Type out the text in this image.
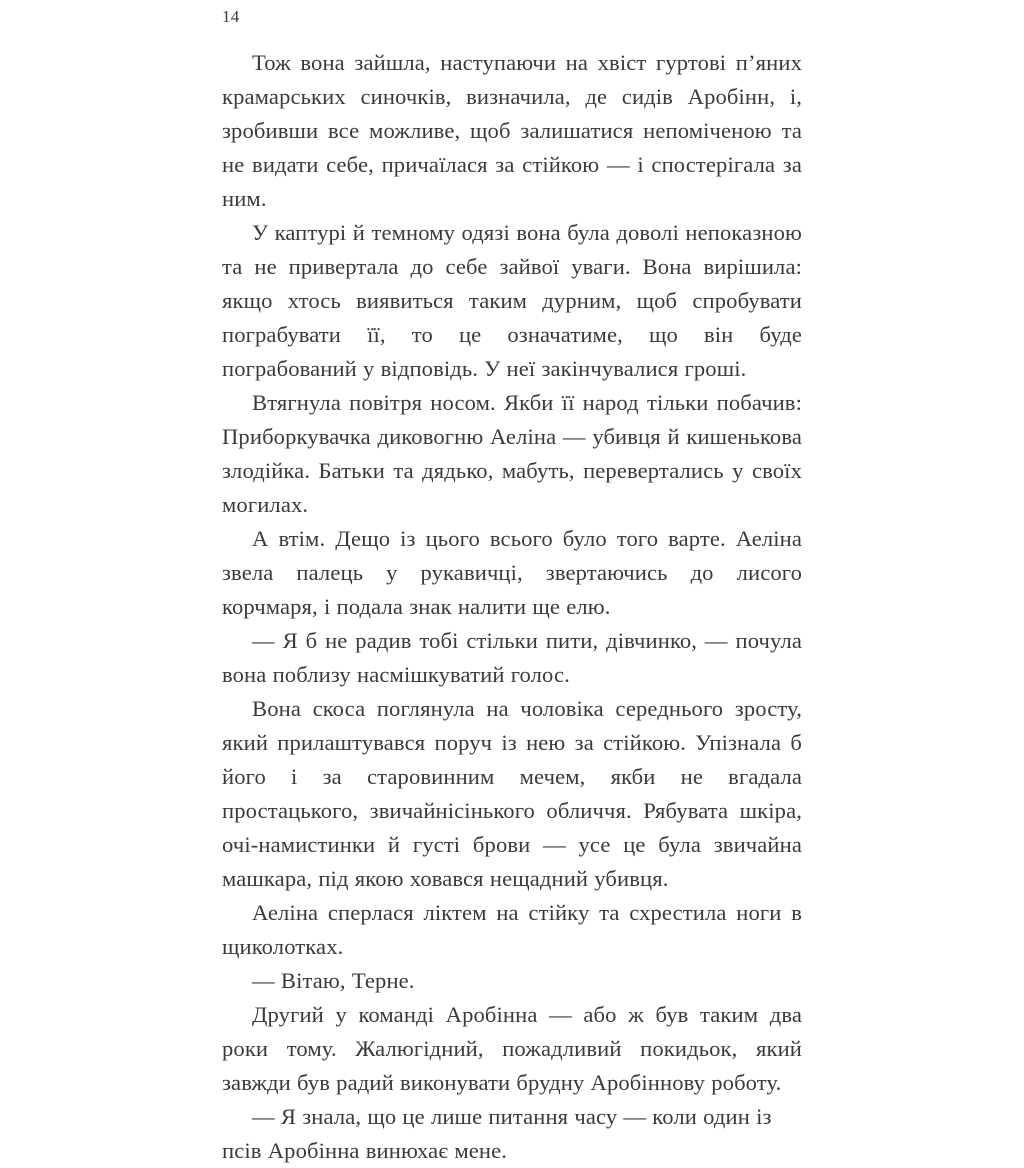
14

Тож вона зайшла, наступаючи на хвіст гуртові п’яних крамарських синочків, визначила, де сидів Аробінн, і, зробивши все можливе, щоб залишатися непоміченою та не видати себе, причаїлася за стійкою — і спостерігала за ним.

У каптурі й темному одязі вона була доволі непоказною та не привертала до себе зайвої уваги. Вона вирішила: якщо хтось виявиться таким дурним, щоб спробувати пограбувати її, то це означатиме, що він буде пограбований у відповідь. У неї закінчувалися гроші.

Втягнула повітря носом. Якби її народ тільки побачив: Приборкувачка диковогню Аеліна — убивця й кишенькова злодійка. Батьки та дядько, мабуть, перевертались у своїх могилах.

А втім. Дещо із цього всього було того варте. Аеліна звела палець у рукавичці, звертаючись до лисого корчмаря, і подала знак налити ще елю.

— Я б не радив тобі стільки пити, дівчинко, — почула вона поблизу насмішкуватий голос.

Вона скоса поглянула на чоловіка середнього зросту, який прилаштувався поруч із нею за стійкою. Упізнала б його і за старовинним мечем, якби не вгадала простацького, звичайнісінького обличчя. Рябувата шкіра, очі-намистинки й густі брови — усе це була звичайна машкара, під якою ховався нещадний убивця.

Аеліна сперлася ліктем на стійку та схрестила ноги в щиколотках.

— Вітаю, Терне.

Другий у команді Аробінна — або ж був таким два роки тому. Жалюгідний, пожадливий покидьок, який завжди був радий виконувати брудну Аробіннову роботу.

— Я знала, що це лише питання часу — коли один із псів Аробінна винюхає мене.
